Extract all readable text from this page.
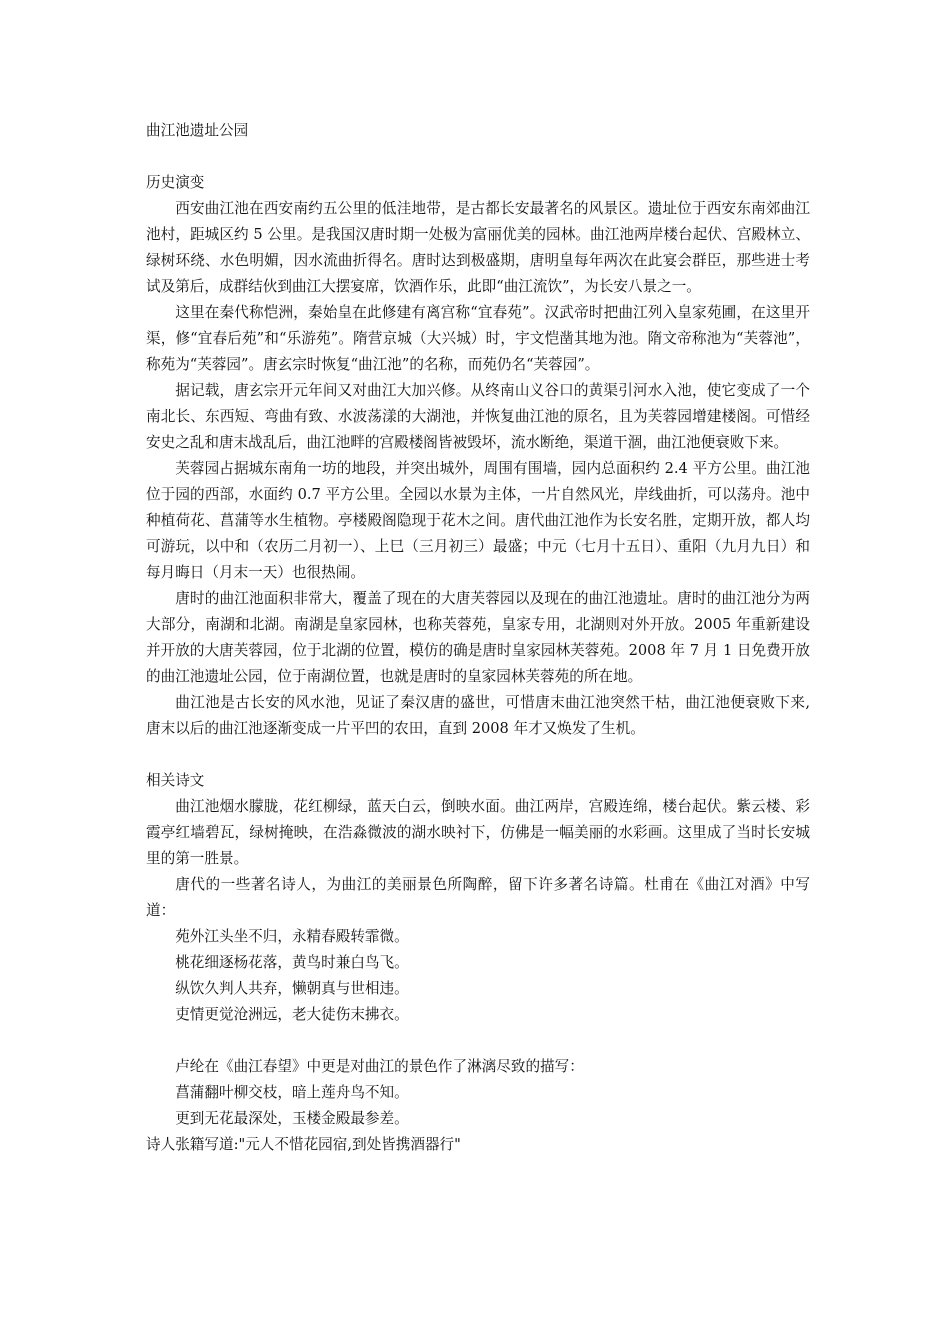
曲江池遗址公园
历史演变

西安曲江池在西安南约五公里的低洼地带，是古都长安最著名的风景区。遗址位于西安东南郊曲江池村，距城区约 5 公里。是我国汉唐时期一处极为富丽优美的园林。曲江池两岸楼台起伏、宫殿林立、绿树环绕、水色明媚，因水流曲折得名。唐时达到极盛期，唐明皇每年两次在此宴会群臣，那些进士考试及第后，成群结伙到曲江大摆宴席，饮酒作乐，此即“曲江流饮”，为长安八景之一。

这里在秦代称恺洲，秦始皇在此修建有离宫称“宜春苑”。汉武帝时把曲江列入皇家苑圃，在这里开渠，修“宜春后苑”和“乐游苑”。隋营京城（大兴城）时，宇文恺凿其地为池。隋文帝称池为“芙蓉池”，称苑为“芙蓉园”。唐玄宗时恢复“曲江池”的名称，而苑仍名“芙蓉园”。

据记载，唐玄宗开元年间又对曲江大加兴修。从终南山义谷口的黄渠引河水入池，使它变成了一个南北长、东西短、弯曲有致、水波荡漾的大湖池，并恢复曲江池的原名，且为芙蓉园增建楼阁。可惜经安史之乱和唐末战乱后，曲江池畔的宫殿楼阁皆被毁坏，流水断绝，渠道干涸，曲江池便衰败下来。

芙蓉园占据城东南角一坊的地段，并突出城外，周围有围墙，园内总面积约 2.4 平方公里。曲江池位于园的西部，水面约 0.7 平方公里。全园以水景为主体，一片自然风光，岸线曲折，可以荡舟。池中种植荷花、菖蒲等水生植物。亭楼殿阁隐现于花木之间。唐代曲江池作为长安名胜，定期开放，都人均可游玩，以中和（农历二月初一）、上巳（三月初三）最盛；中元（七月十五日）、重阳（九月九日）和每月晦日（月末一天）也很热闹。

唐时的曲江池面积非常大，覆盖了现在的大唐芙蓉园以及现在的曲江池遗址。唐时的曲江池分为两大部分，南湖和北湖。南湖是皇家园林，也称芙蓉苑，皇家专用，北湖则对外开放。2005 年重新建设并开放的大唐芙蓉园，位于北湖的位置，模仿的确是唐时皇家园林芙蓉苑。2008 年 7 月 1 日免费开放的曲江池遗址公园，位于南湖位置，也就是唐时的皇家园林芙蓉苑的所在地。

曲江池是古长安的风水池，见证了秦汉唐的盛世，可惜唐末曲江池突然干枯，曲江池便衰败下来, 唐末以后的曲江池逐渐变成一片平凹的农田，直到 2008 年才又焕发了生机。

相关诗文

曲江池烟水朦胧，花红柳绿，蓝天白云，倒映水面。曲江两岸，宫殿连绵，楼台起伏。紫云楼、彩霞亭红墙碧瓦，绿树掩映，在浩淼微波的湖水映衬下，仿佛是一幅美丽的水彩画。这里成了当时长安城里的第一胜景。

唐代的一些著名诗人，为曲江的美丽景色所陶醉，留下许多著名诗篇。杜甫在《曲江对酒》中写道：

苑外江头坐不归，永精春殿转霏微。

桃花细逐杨花落，黄鸟时兼白鸟飞。

纵饮久判人共弃，懒朝真与世相违。

吏情更觉沧洲远，老大徒伤末拂衣。

卢纶在《曲江春望》中更是对曲江的景色作了淋漓尽致的描写：

菖蒲翻叶柳交枝，暗上莲舟鸟不知。

更到无花最深处，玉楼金殿最参差。

诗人张籍写道:"元人不惜花园宿,到处皆携酒器行"
